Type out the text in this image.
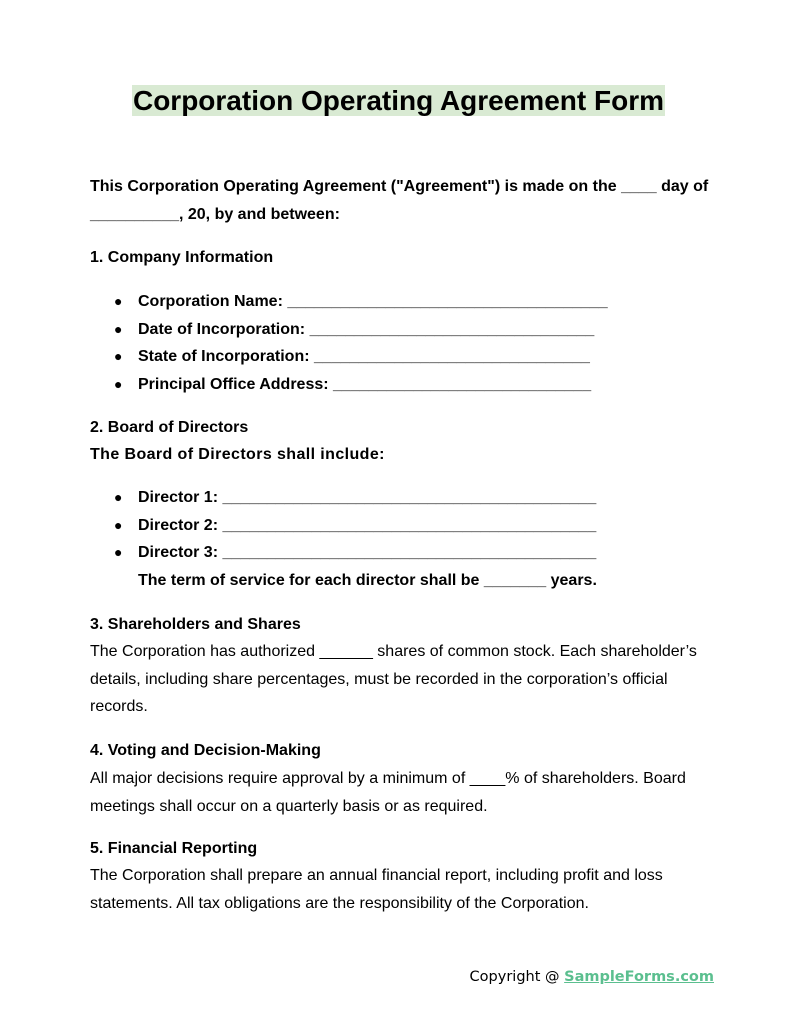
Corporation Operating Agreement Form
This Corporation Operating Agreement ("Agreement") is made on the ____ day of __________, 20, by and between:
1. Company Information
● Corporation Name: ____________________________________
● Date of Incorporation: ________________________________
● State of Incorporation: _______________________________
● Principal Office Address: _____________________________
2. Board of Directors
The Board of Directors shall include:
● Director 1: __________________________________________
● Director 2: __________________________________________
● Director 3: __________________________________________
The term of service for each director shall be _______ years.
3. Shareholders and Shares
The Corporation has authorized ______ shares of common stock. Each shareholder’s details, including share percentages, must be recorded in the corporation’s official records.
4. Voting and Decision-Making
All major decisions require approval by a minimum of ____% of shareholders. Board meetings shall occur on a quarterly basis or as required.
5. Financial Reporting
The Corporation shall prepare an annual financial report, including profit and loss statements. All tax obligations are the responsibility of the Corporation.
Copyright @ SampleForms.com
